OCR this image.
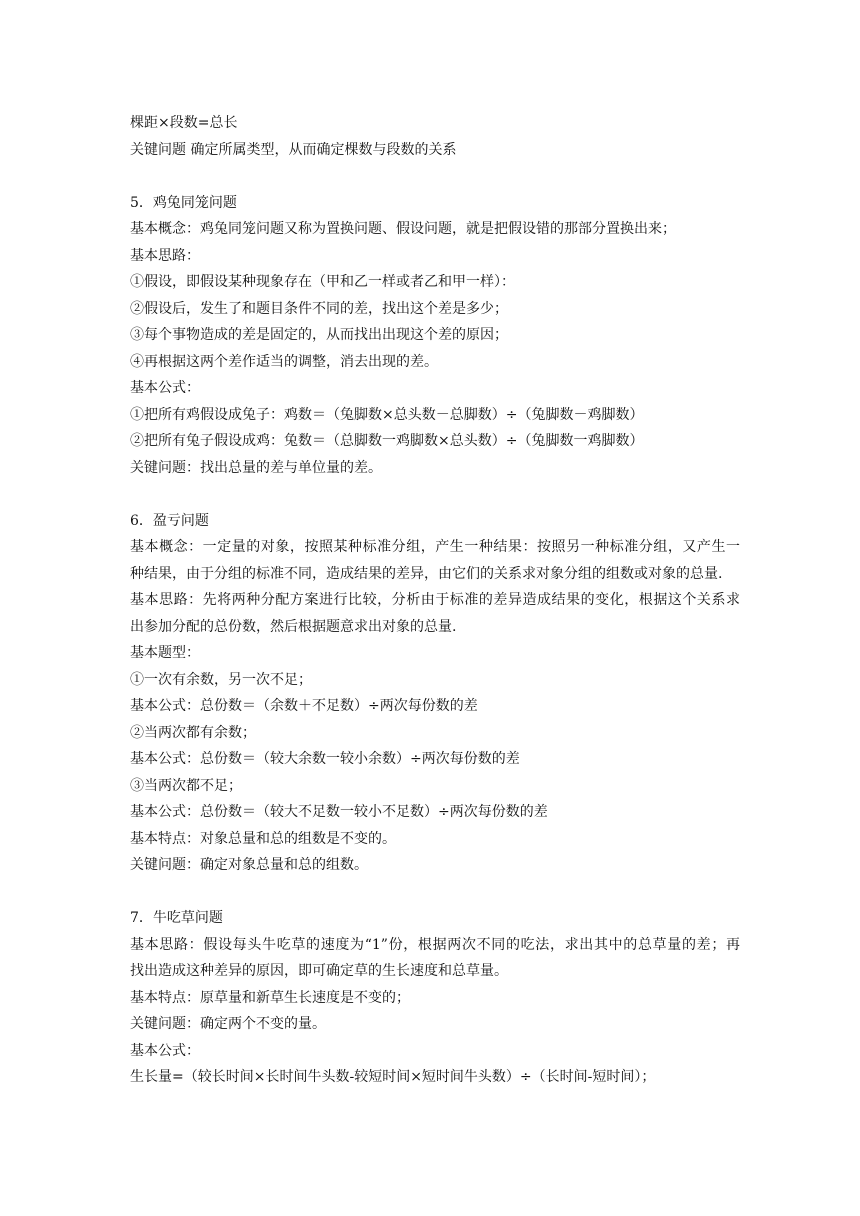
棵距×段数=总长
关键问题 确定所属类型，从而确定棵数与段数的关系
5．鸡兔同笼问题
基本概念：鸡兔同笼问题又称为置换问题、假设问题，就是把假设错的那部分置换出来；
基本思路：
①假设，即假设某种现象存在（甲和乙一样或者乙和甲一样）：
②假设后，发生了和题目条件不同的差，找出这个差是多少；
③每个事物造成的差是固定的，从而找出出现这个差的原因；
④再根据这两个差作适当的调整，消去出现的差。
基本公式：
①把所有鸡假设成兔子：鸡数＝（兔脚数×总头数－总脚数）÷（兔脚数－鸡脚数）
②把所有兔子假设成鸡：兔数＝（总脚数一鸡脚数×总头数）÷（兔脚数一鸡脚数）
关键问题：找出总量的差与单位量的差。
6．盈亏问题
基本概念：一定量的对象，按照某种标准分组，产生一种结果：按照另一种标准分组，又产生一
种结果，由于分组的标准不同，造成结果的差异，由它们的关系求对象分组的组数或对象的总量.
基本思路：先将两种分配方案进行比较，分析由于标准的差异造成结果的变化，根据这个关系求
出参加分配的总份数，然后根据题意求出对象的总量.
基本题型：
①一次有余数，另一次不足；
基本公式：总份数＝（余数＋不足数）÷两次每份数的差
②当两次都有余数；
基本公式：总份数＝（较大余数一较小余数）÷两次每份数的差
③当两次都不足；
基本公式：总份数＝（较大不足数一较小不足数）÷两次每份数的差
基本特点：对象总量和总的组数是不变的。
关键问题：确定对象总量和总的组数。
7．牛吃草问题
基本思路：假设每头牛吃草的速度为“1”份，根据两次不同的吃法，求出其中的总草量的差；再
找出造成这种差异的原因，即可确定草的生长速度和总草量。
基本特点：原草量和新草生长速度是不变的；
关键问题：确定两个不变的量。
基本公式：
生长量=（较长时间×长时间牛头数-较短时间×短时间牛头数）÷（长时间-短时间）；
